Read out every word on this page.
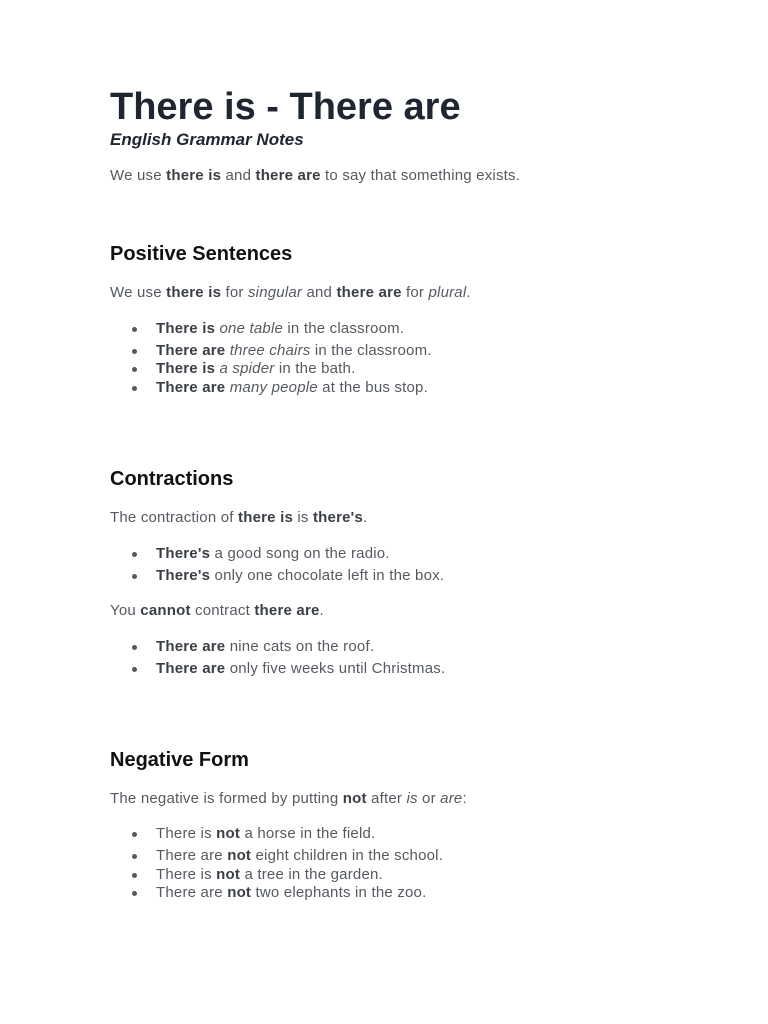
There is - There are

English Grammar Notes

We use there is and there are to say that something exists.

Positive Sentences

We use there is for singular and there are for plural.

There is one table in the classroom.

There are three chairs in the classroom.

There is a spider in the bath.

There are many people at the bus stop.

Contractions

The contraction of there is is there's.

There's a good song on the radio.

There's only one chocolate left in the box.

You cannot contract there are.

There are nine cats on the roof.

There are only five weeks until Christmas.

Negative Form

The negative is formed by putting not after is or are:

There is not a horse in the field.

There are not eight children in the school.

There is not a tree in the garden.

There are not two elephants in the zoo.
